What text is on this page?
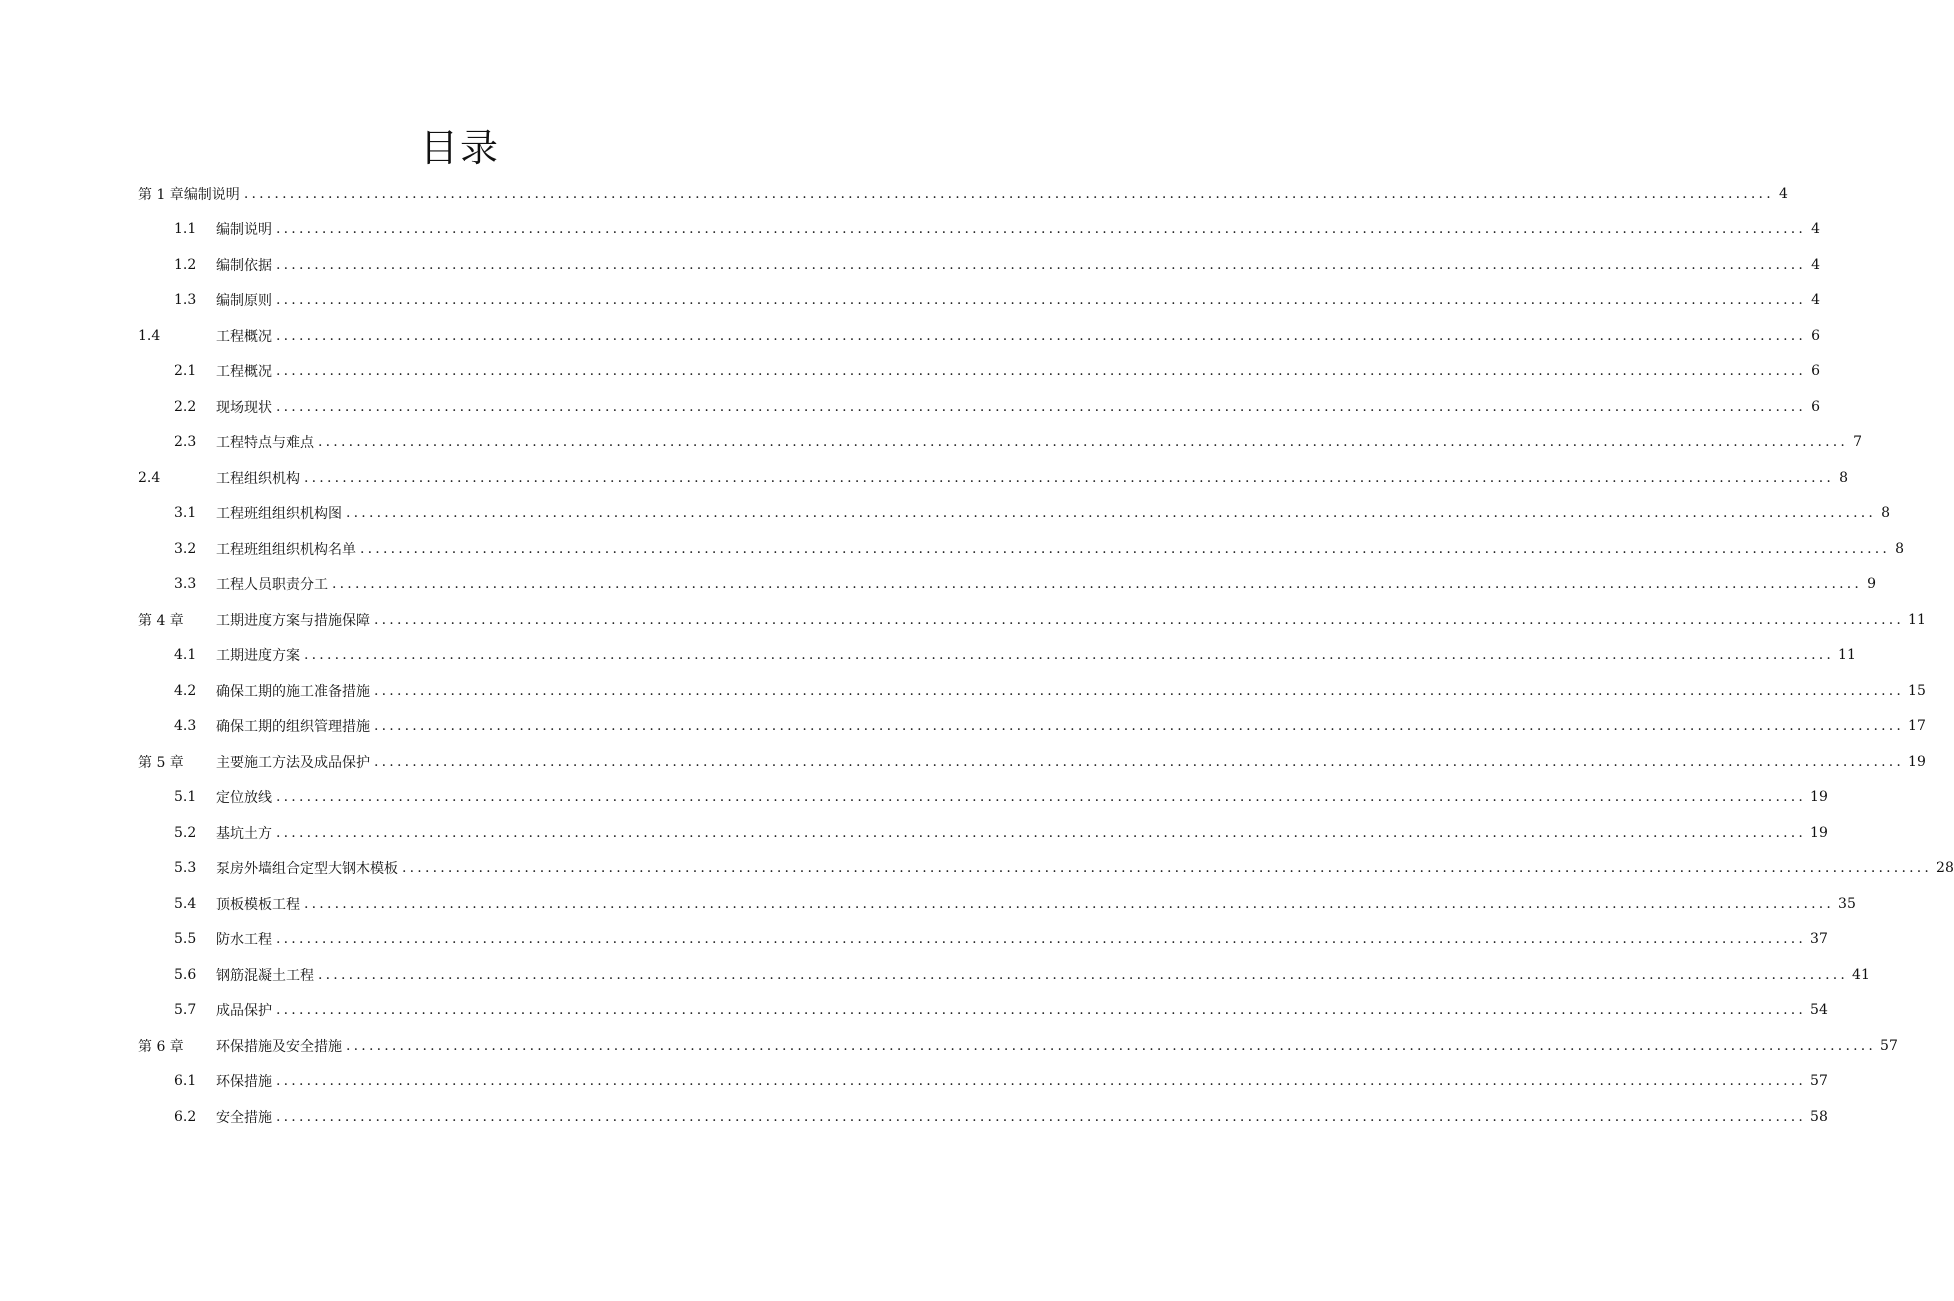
目录
第 1 章 编制说明 ........................................................................................................................................................................................................ 4
1.1	编制说明 ........................................................................................................................................................................................................ 4
1.2	编制依据 ........................................................................................................................................................................................................ 4
1.3	编制原则 ........................................................................................................................................................................................................ 4
1.4	工程概况 ........................................................................................................................................................................................................ 6
2.1	工程概况 ........................................................................................................................................................................................................ 6
2.2	现场现状 ........................................................................................................................................................................................................ 6
2.3	工程特点与难点 ........................................................................................................................................................................................................ 7
2.4	工程组织机构 ........................................................................................................................................................................................................ 8
3.1	工程班组组织机构图 ........................................................................................................................................................................................................ 8
3.2	工程班组组织机构名单 ........................................................................................................................................................................................................ 8
3.3	工程人员职责分工 ........................................................................................................................................................................................................ 9
第 4 章	工期进度方案与措施保障 ........................................................................................................................................................................................................ 11
4.1	工期进度方案 ........................................................................................................................................................................................................ 11
4.2	确保工期的施工准备措施 ........................................................................................................................................................................................................ 15
4.3	确保工期的组织管理措施 ........................................................................................................................................................................................................ 17
第 5 章	主要施工方法及成品保护 ........................................................................................................................................................................................................ 19
5.1	定位放线 ........................................................................................................................................................................................................ 19
5.2	基坑土方 ........................................................................................................................................................................................................ 19
5.3	泵房外墙组合定型大钢木模板 ........................................................................................................................................................................................................ 28
5.4	顶板模板工程 ........................................................................................................................................................................................................ 35
5.5	防水工程 ........................................................................................................................................................................................................ 37
5.6	钢筋混凝土工程 ........................................................................................................................................................................................................ 41
5.7	成品保护 ........................................................................................................................................................................................................ 54
第 6 章	环保措施及安全措施 ........................................................................................................................................................................................................ 57
6.1	环保措施 ........................................................................................................................................................................................................ 57
6.2	安全措施 ........................................................................................................................................................................................................ 58
